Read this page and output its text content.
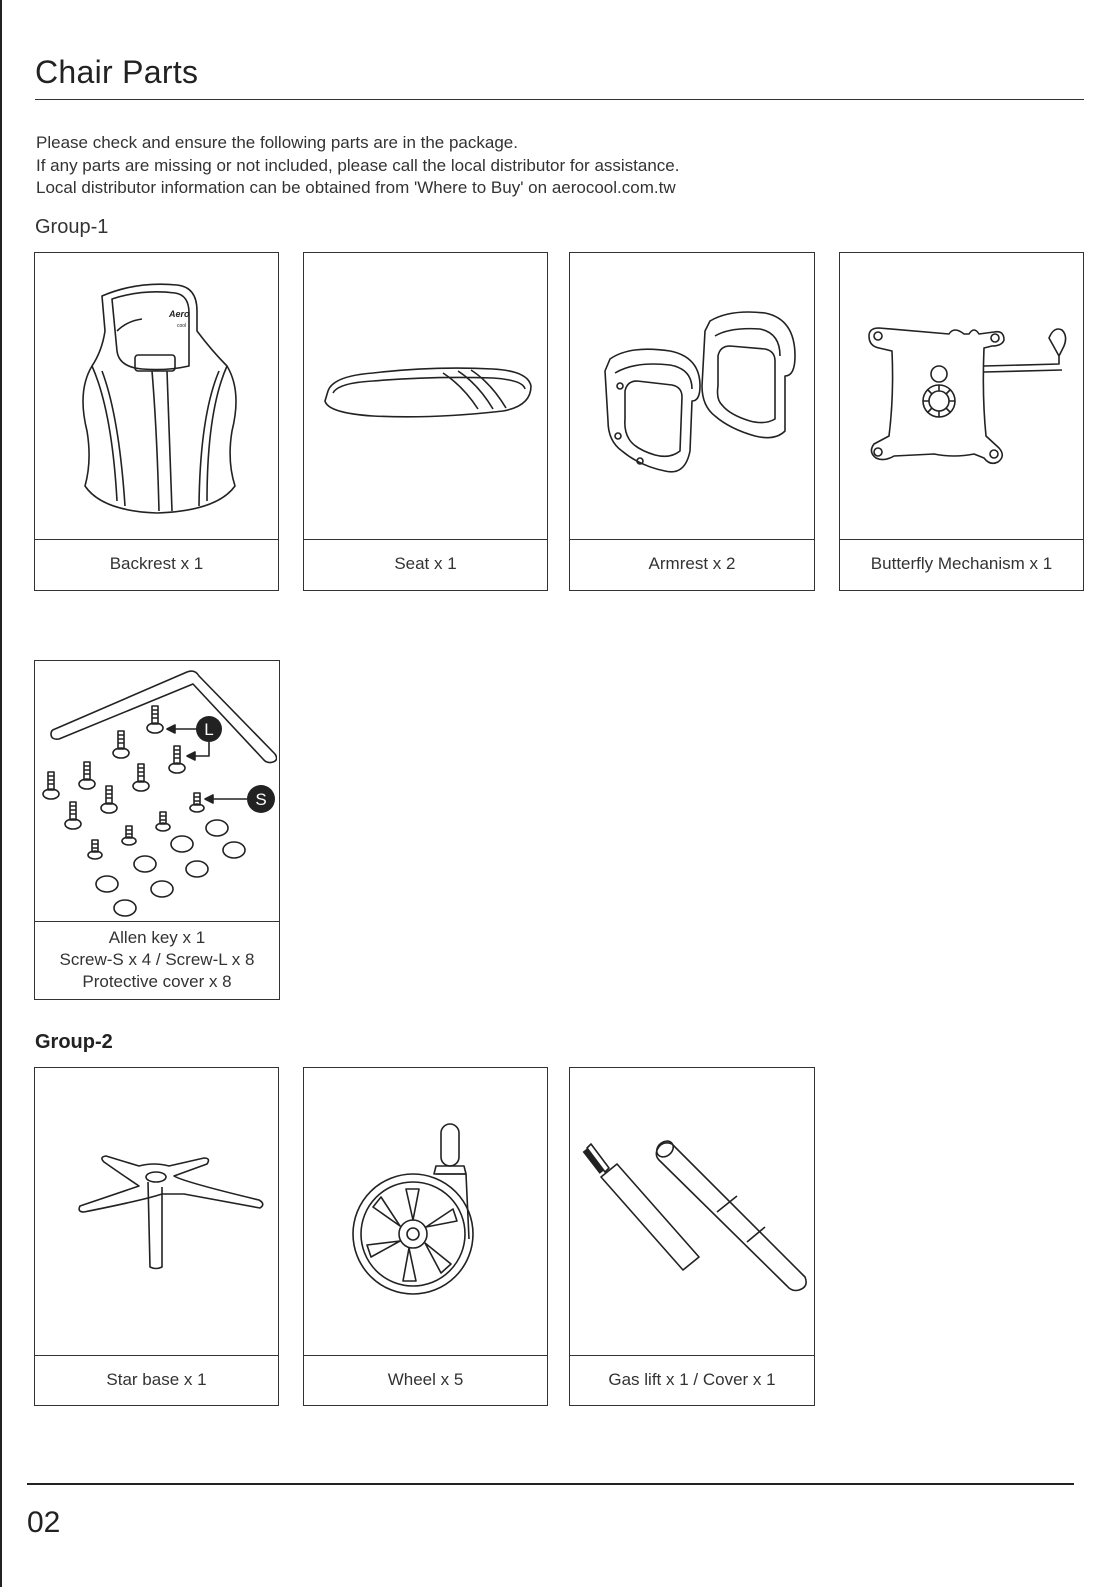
Chair Parts
Please check and ensure the following parts are in the package.
If any parts are missing or not included, please call the local distributor for assistance.
Local distributor information can be obtained from 'Where to Buy' on aerocool.com.tw
Group-1
Aero
cool
Backrest x 1	Seat x 1	Armrest x 2	Butterfly Mechanism x 1
L
S
Allen key x 1
Screw-S x 4 / Screw-L x 8
Protective cover x 8
Group-2
Star base x 1	Wheel x 5	Gas lift x 1 / Cover x 1
02
